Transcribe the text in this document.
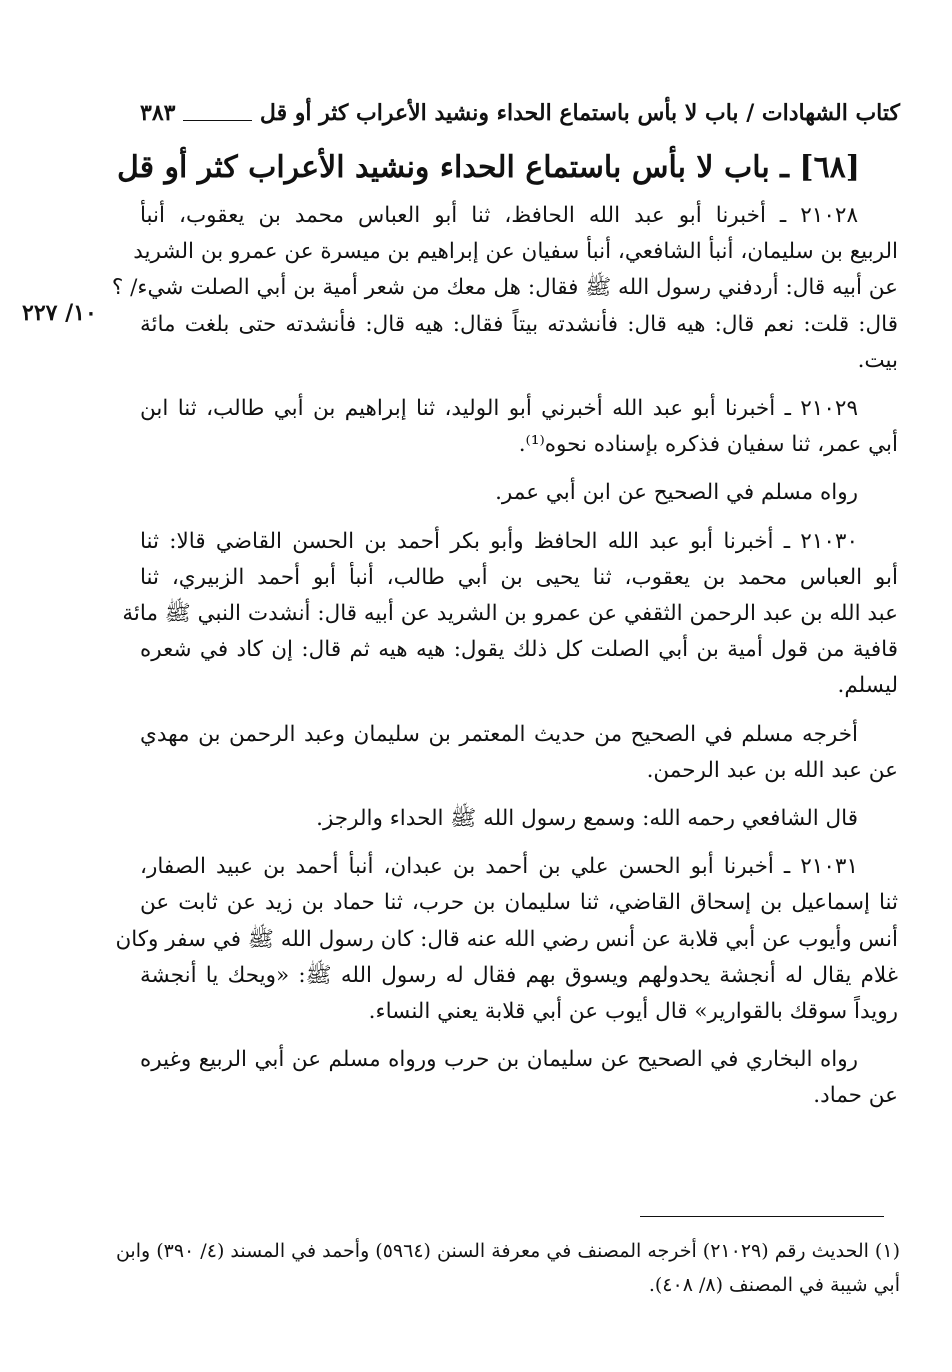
كتاب الشهادات / باب لا بأس باستماع الحداء ونشيد الأعراب كثر أو قل
٣٨٣
[٦٨] ـ باب لا بأس باستماع الحداء ونشيد الأعراب كثر أو قل
١٠/ ٢٢٧
٢١٠٢٨ ـ أخبرنا أبو عبد الله الحافظ، ثنا أبو العباس محمد بن يعقوب، أنبأ
الربيع بن سليمان، أنبأ الشافعي، أنبأ سفيان عن إبراهيم بن ميسرة عن عمرو بن الشريد
عن أبيه قال: أردفني رسول الله ﷺ فقال: هل معك من شعر أمية بن أبي الصلت شيء/ ؟
قال: قلت: نعم قال: هيه قال: فأنشدته بيتاً فقال: هيه قال: فأنشدته حتى بلغت مائة
بيت.
٢١٠٢٩ ـ أخبرنا أبو عبد الله أخبرني أبو الوليد، ثنا إبراهيم بن أبي طالب، ثنا ابن
أبي عمر، ثنا سفيان فذكره بإسناده نحوه⁽¹⁾.
رواه مسلم في الصحيح عن ابن أبي عمر.
٢١٠٣٠ ـ أخبرنا أبو عبد الله الحافظ وأبو بكر أحمد بن الحسن القاضي قالا: ثنا
أبو العباس محمد بن يعقوب، ثنا يحيى بن أبي طالب، أنبأ أبو أحمد الزبيري، ثنا
عبد الله بن عبد الرحمن الثقفي عن عمرو بن الشريد عن أبيه قال: أنشدت النبي ﷺ مائة
قافية من قول أمية بن أبي الصلت كل ذلك يقول: هيه هيه ثم قال: إن كاد في شعره
ليسلم.
أخرجه مسلم في الصحيح من حديث المعتمر بن سليمان وعبد الرحمن بن مهدي
عن عبد الله بن عبد الرحمن.
قال الشافعي رحمه الله: وسمع رسول الله ﷺ الحداء والرجز.
٢١٠٣١ ـ أخبرنا أبو الحسن علي بن أحمد بن عبدان، أنبأ أحمد بن عبيد الصفار،
ثنا إسماعيل بن إسحاق القاضي، ثنا سليمان بن حرب، ثنا حماد بن زيد عن ثابت عن
أنس وأيوب عن أبي قلابة عن أنس رضي الله عنه قال: كان رسول الله ﷺ في سفر وكان
غلام يقال له أنجشة يحدولهم ويسوق بهم فقال له رسول الله ﷺ: «ويحك يا أنجشة
رويداً سوقك بالقوارير» قال أيوب عن أبي قلابة يعني النساء.
رواه البخاري في الصحيح عن سليمان بن حرب ورواه مسلم عن أبي الربيع وغيره
عن حماد.
(١) الحديث رقم (٢١٠٢٩) أخرجه المصنف في معرفة السنن (٥٩٦٤) وأحمد في المسند (٤/ ٣٩٠) وابن
أبي شيبة في المصنف (٨/ ٤٠٨).
